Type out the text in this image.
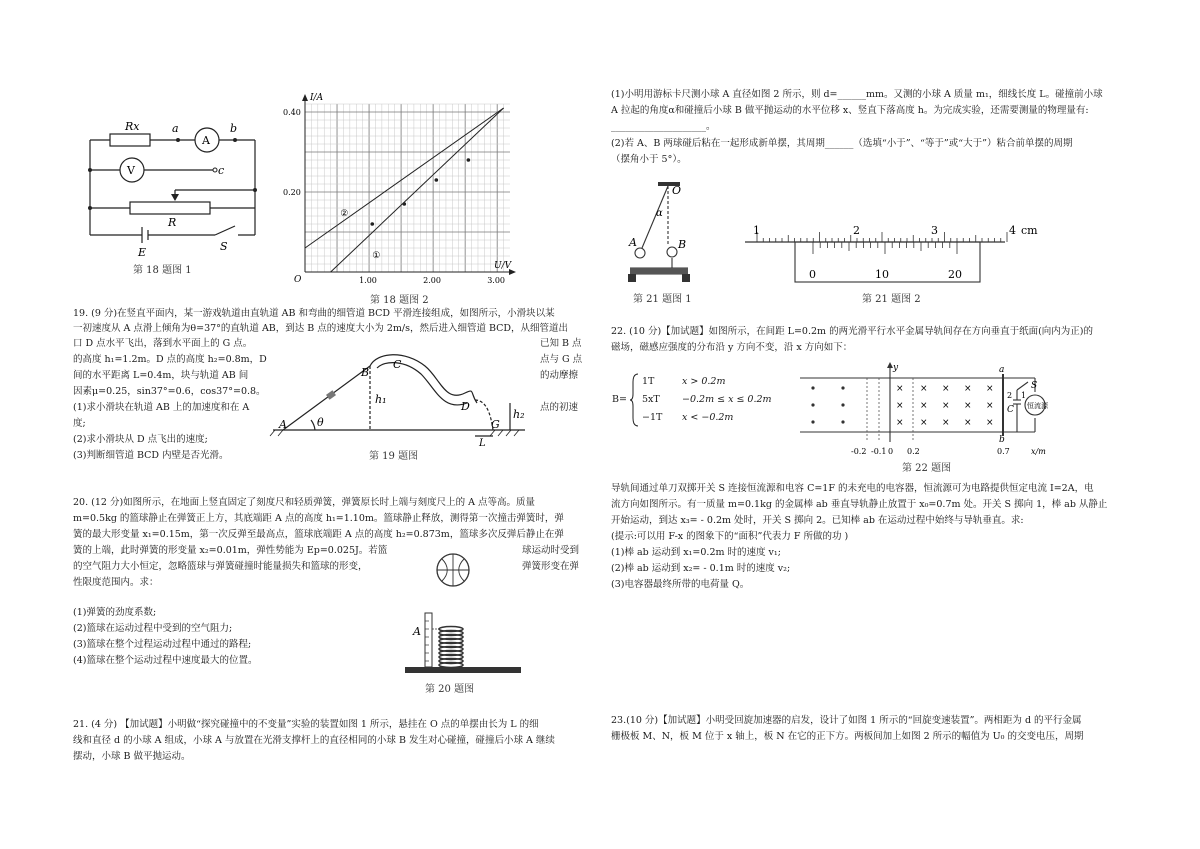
Rx	a
A
b
V	c
R
E	S
第 18 题图 1
1.00	2.00	3.00
0.20
0.40
I/A
U/V
O
②
①
第 18 题图 2
19. (9 分)在竖直平面内，某一游戏轨道由直轨道 AB 和弯曲的细管道 BCD 平滑连接组成，如图所示，小滑块以某
一初速度从 A 点滑上倾角为θ=37°的直轨道 AB，到达 B 点的速度大小为 2m/s，然后进入细管道 BCD，从细管道出
口 D 点水平飞出，落到水平面上的 G 点。	已知 B 点
的高度 h₁=1.2m。D 点的高度 h₂=0.8m，D	点与 G 点
间的水平距离 L=0.4m，块与轨道 AB 间	的动摩擦
因素μ=0.25，sin37°=0.6，cos37°=0.8。
(1)求小滑块在轨道 AB 上的加速度和在 A	点的初速
度;
(2)求小滑块从 D 点飞出的速度;
(3)判断细管道 BCD 内壁是否光滑。
A
B
C
D
G
h₁
h₂
θ
L
第 19 题图
20. (12 分)如图所示，在地面上竖直固定了刻度尺和轻质弹簧，弹簧原长时上端与刻度尺上的 A 点等高。质量
m=0.5kg 的篮球静止在弹簧正上方，其底端距 A 点的高度 h₁=1.10m。篮球静止释放，测得第一次撞击弹簧时，弹
簧的最大形变量 x₁=0.15m，第一次反弹至最高点，篮球底端距 A 点的高度 h₂=0.873m，篮球多次反弹后静止在弹
簧的上端，此时弹簧的形变量 x₂=0.01m，弹性势能为 Ep=0.025J。若篮	球运动时受到
的空气阻力大小恒定，忽略篮球与弹簧碰撞时能量损失和篮球的形变，	弹簧形变在弹
性限度范围内。求：
(1)弹簧的劲度系数;
(2)篮球在运动过程中受到的空气阻力;
(3)篮球在整个过程运动过程中通过的路程;
(4)篮球在整个运动过程中速度最大的位置。
A
第 20 题图
21. (4 分) 【加试题】小明做“探究碰撞中的不变量”实验的装置如图 1 所示，悬挂在 O 点的单摆由长为 L 的细
线和直径 d 的小球 A 组成，小球 A 与放置在光滑支撑杆上的直径相同的小球 B 发生对心碰撞，碰撞后小球 A 继续
摆动，小球 B 做平抛运动。
(1)小明用游标卡尺测小球 A 直径如图 2 所示，则 d=______mm。又测的小球 A 质量 m₁，细线长度 L。碰撞前小球
A 拉起的角度α和碰撞后小球 B 做平抛运动的水平位移 x、竖直下落高度 h。为完成实验，还需要测量的物理量有:
____________________。
(2)若 A、B 两球碰后粘在一起形成新单摆，其周期______（选填“小于”、“等于”或“大于”）粘合前单摆的周期
（摆角小于 5°）。
O
A	B
α
第 21 题图 1
1	2	3	4 cm
0	10	20
第 21 题图 2
22. (10 分)【加试题】如图所示，在间距 L=0.2m 的两光滑平行水平金属导轨间存在方向垂直于纸面(向内为正)的
磁场，磁感应强度的分布沿 y 方向不变，沿 x 方向如下：
B=
1T	x > 0.2m
5xT −0.2m ≤ x ≤ 0.2m
−1T x < −0.2m
×
×
×
×
×
×
×
×
×
×
×
×
×
×
×
y	a
b
S
1
2
C 恒流源
-0.2 -0.1 0 0.2	0.7	x/m
第 22 题图
导轨间通过单刀双掷开关 S 连接恒流源和电容 C=1F 的未充电的电容器，恒流源可为电路提供恒定电流 I=2A，电
流方向如图所示。有一质量 m=0.1kg 的金属棒 ab 垂直导轨静止放置于 x₀=0.7m 处。开关 S 掷向 1，棒 ab 从静止
开始运动，到达 x₃= - 0.2m 处时，开关 S 掷向 2。已知棒 ab 在运动过程中始终与导轨垂直。求:
(提示:可以用 F-x 的图象下的“面积”代表力 F 所做的功 )
(1)棒 ab 运动到 x₁=0.2m 时的速度 v₁;
(2)棒 ab 运动到 x₂= - 0.1m 时的速度 v₂;
(3)电容器最终所带的电荷量 Q。
23.(10 分)【加试题】小明受回旋加速器的启发，设计了如图 1 所示的“回旋变速装置”。两相距为 d 的平行金属
栅极板 M、N，板 M 位于 x 轴上，板 N 在它的正下方。两板间加上如图 2 所示的幅值为 U₀ 的交变电压，周期
